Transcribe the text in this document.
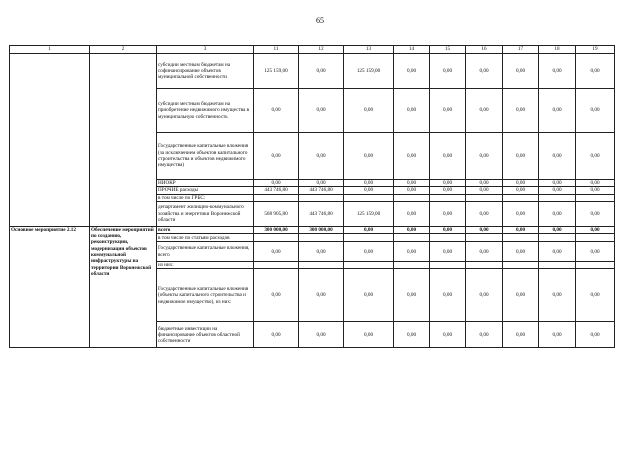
65
1	2	3	11	12	13	14	15	16	17	18	19
		субсидии местным бюджетам на софинансирование объектов муниципальной собственности	125 159,00	0,00	125 159,00	0,00	0,00	0,00	0,00	0,00	0,00
		субсидии местным бюджетам на приобретение недвижимого имущества в муниципальную собственность	0,00	0,00	0,00	0,00	0,00	0,00	0,00	0,00	0,00
		Государственные капитальные вложения (за исключением объектов капитального строительства и объектов недвижимого имущества)	0,00	0,00	0,00	0,00	0,00	0,00	0,00	0,00	0,00
		НИОКР	0,00	0,00	0,00	0,00	0,00	0,00	0,00	0,00	0,00
		ПРОЧИЕ расходы	443 746,80	443 746,80	0,00	0,00	0,00	0,00	0,00	0,00	0,00
		в том числе по ГРБС:									
		департамент жилищно-коммунального хозяйства и энергетики Воронежской области	568 905,80	443 746,80	125 159,00	0,00	0,00	0,00	0,00	0,00	0,00
Основное мероприятие 2.12	Обеспечение мероприятий по созданию, реконструкции, модернизации объектов коммунальной инфраструктуры на территории Воронежской области	всего	300 000,00	300 000,00	0,00	0,00	0,00	0,00	0,00	0,00	0,00
		в том числе по статьям расходов									
		Государственные капитальные вложения, всего	0,00	0,00	0,00	0,00	0,00	0,00	0,00	0,00	0,00
		из них:									
		Государственные капитальные вложения (объекты капитального строительства и недвижимое имущество), из них:	0,00	0,00	0,00	0,00	0,00	0,00	0,00	0,00	0,00
		бюджетные инвестиции на финансирование объектов областной собственности	0,00	0,00	0,00	0,00	0,00	0,00	0,00	0,00	0,00
